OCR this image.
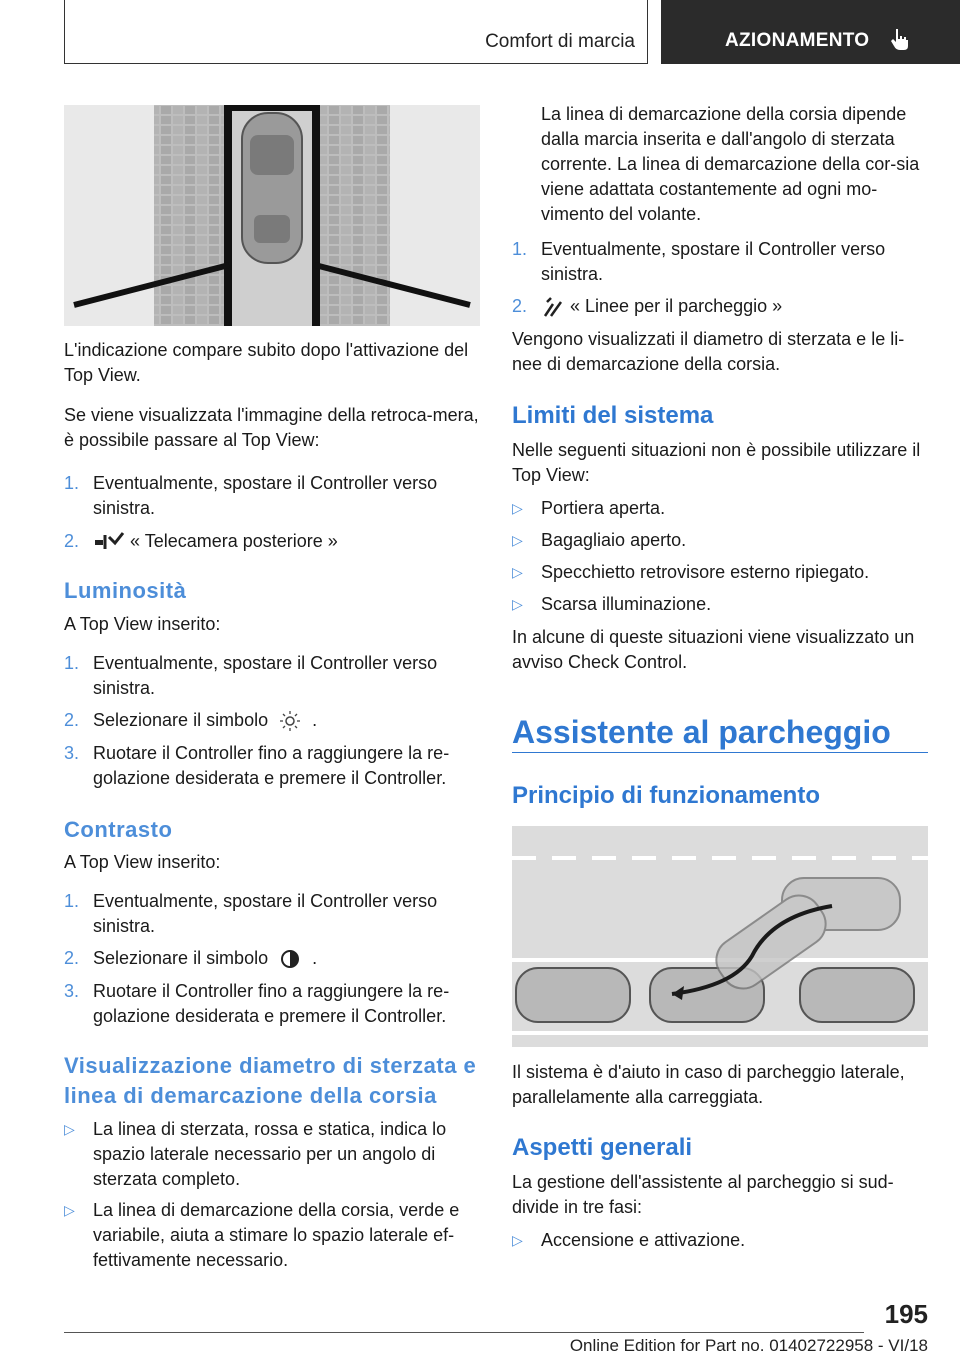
Comfort di marcia	AZIONAMENTO

L'indicazione compare subito dopo l'attivazione del Top View.

Se viene visualizzata l'immagine della retroca-mera, è possibile passare al Top View:

1. Eventualmente, spostare il Controller verso sinistra.
2.	« Telecamera posteriore »
Luminosità

A Top View inserito:

1. Eventualmente, spostare il Controller verso sinistra.
2. Selezionare il simbolo .
3. Ruotare il Controller fino a raggiungere la re-golazione desiderata e premere il Controller.
Contrasto

A Top View inserito:

1. Eventualmente, spostare il Controller verso sinistra.
2. Selezionare il simbolo .
3. Ruotare il Controller fino a raggiungere la re-golazione desiderata e premere il Controller.
Visualizzazione diametro di sterzata e linea di demarcazione della corsia
▷ La linea di sterzata, rossa e statica, indica lo spazio laterale necessario per un angolo di sterzata completo.
▷ La linea di demarcazione della corsia, verde e variabile, aiuta a stimare lo spazio laterale ef-fettivamente necessario.

La linea di demarcazione della corsia dipende dalla marcia inserita e dall'angolo di sterzata corrente. La linea di demarcazione della cor-sia viene adattata costantemente ad ogni mo-vimento del volante.

1. Eventualmente, spostare il Controller verso sinistra.
2.	« Linee per il parcheggio »

Vengono visualizzati il diametro di sterzata e le li-nee di demarcazione della corsia.

Limiti del sistema

Nelle seguenti situazioni non è possibile utilizzare il Top View:

▷ Portiera aperta.
▷ Bagagliaio aperto.
▷ Specchietto retrovisore esterno ripiegato.
▷ Scarsa illuminazione.

In alcune di queste situazioni viene visualizzato un avviso Check Control.

Assistente al parcheggio
Principio di funzionamento

Il sistema è d'aiuto in caso di parcheggio laterale, parallelamente alla carreggiata.

Aspetti generali

La gestione dell'assistente al parcheggio si sud-divide in tre fasi:

▷ Accensione e attivazione.
195
Online Edition for Part no. 01402722958 - VI/18
